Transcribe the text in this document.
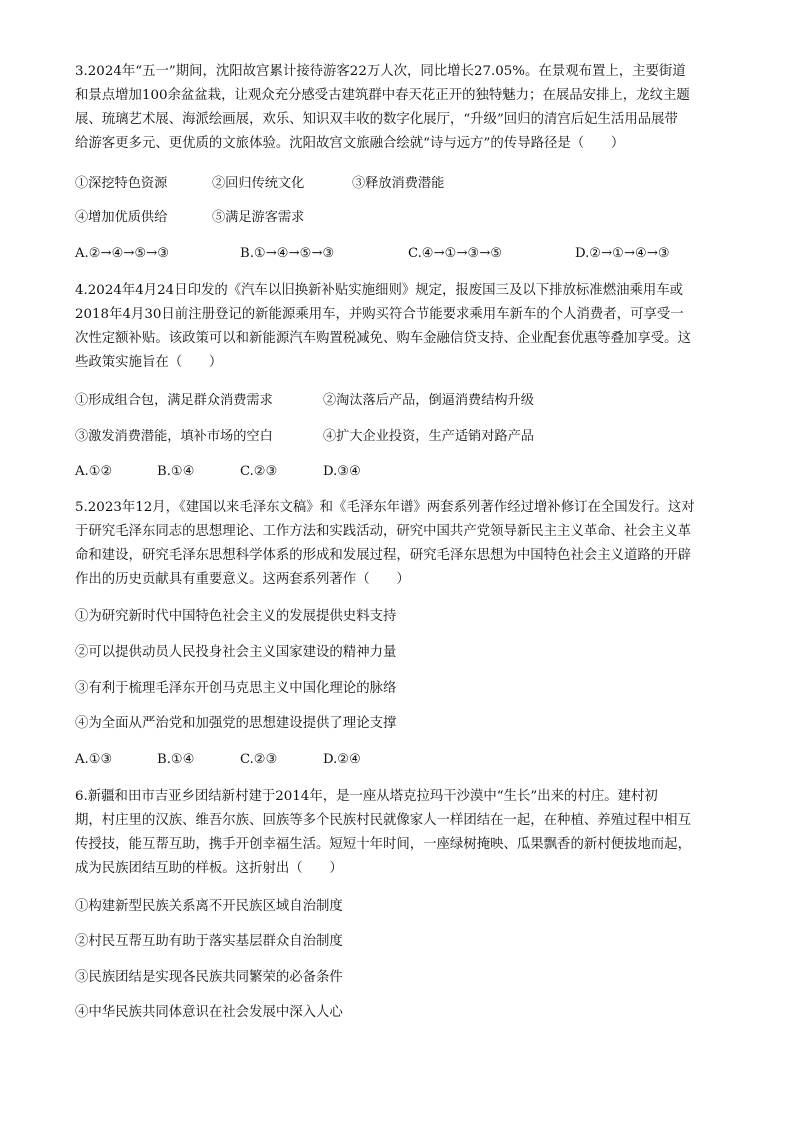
3.2024年“五一”期间，沈阳故宫累计接待游客22万人次，同比增长27.05%。在景观布置上，主要街道
和景点增加100余盆盆栽，让观众充分感受古建筑群中春天花正开的独特魅力；在展品安排上，龙纹主题
展、琉璃艺术展、海派绘画展，欢乐、知识双丰收的数字化展厅，“升级”回归的清宫后妃生活用品展带
给游客更多元、更优质的文旅体验。沈阳故宫文旅融合绘就“诗与远方”的传导路径是（　　）
①深挖特色资源	②回归传统文化	③释放消费潜能
④增加优质供给	⑤满足游客需求
A.②→④→⑤→③	B.①→④→⑤→③	C.④→①→③→⑤	D.②→①→④→③
4.2024年4月24日印发的《汽车以旧换新补贴实施细则》规定，报废国三及以下排放标准燃油乘用车或
2018年4月30日前注册登记的新能源乘用车，并购买符合节能要求乘用车新车的个人消费者，可享受一
次性定额补贴。该政策可以和新能源汽车购置税减免、购车金融信贷支持、企业配套优惠等叠加享受。这
些政策实施旨在（　　）
①形成组合包，满足群众消费需求	②淘汰落后产品，倒逼消费结构升级
③激发消费潜能，填补市场的空白	④扩大企业投资，生产适销对路产品
A.①②	B.①④	C.②③	D.③④
5.2023年12月，《建国以来毛泽东文稿》和《毛泽东年谱》两套系列著作经过增补修订在全国发行。这对
于研究毛泽东同志的思想理论、工作方法和实践活动，研究中国共产党领导新民主主义革命、社会主义革
命和建设，研究毛泽东思想科学体系的形成和发展过程，研究毛泽东思想为中国特色社会主义道路的开辟
作出的历史贡献具有重要意义。这两套系列著作（　　）
①为研究新时代中国特色社会主义的发展提供史料支持
②可以提供动员人民投身社会主义国家建设的精神力量
③有利于梳理毛泽东开创马克思主义中国化理论的脉络
④为全面从严治党和加强党的思想建设提供了理论支撑
A.①③	B.①④	C.②③	D.②④
6.新疆和田市吉亚乡团结新村建于2014年，是一座从塔克拉玛干沙漠中“生长”出来的村庄。建村初
期，村庄里的汉族、维吾尔族、回族等多个民族村民就像家人一样团结在一起，在种植、养殖过程中相互
传授技，能互帮互助，携手开创幸福生活。短短十年时间，一座绿树掩映、瓜果飘香的新村便拔地而起，
成为民族团结互助的样板。这折射出（　　）
①构建新型民族关系离不开民族区域自治制度
②村民互帮互助有助于落实基层群众自治制度
③民族团结是实现各民族共同繁荣的必备条件
④中华民族共同体意识在社会发展中深入人心
